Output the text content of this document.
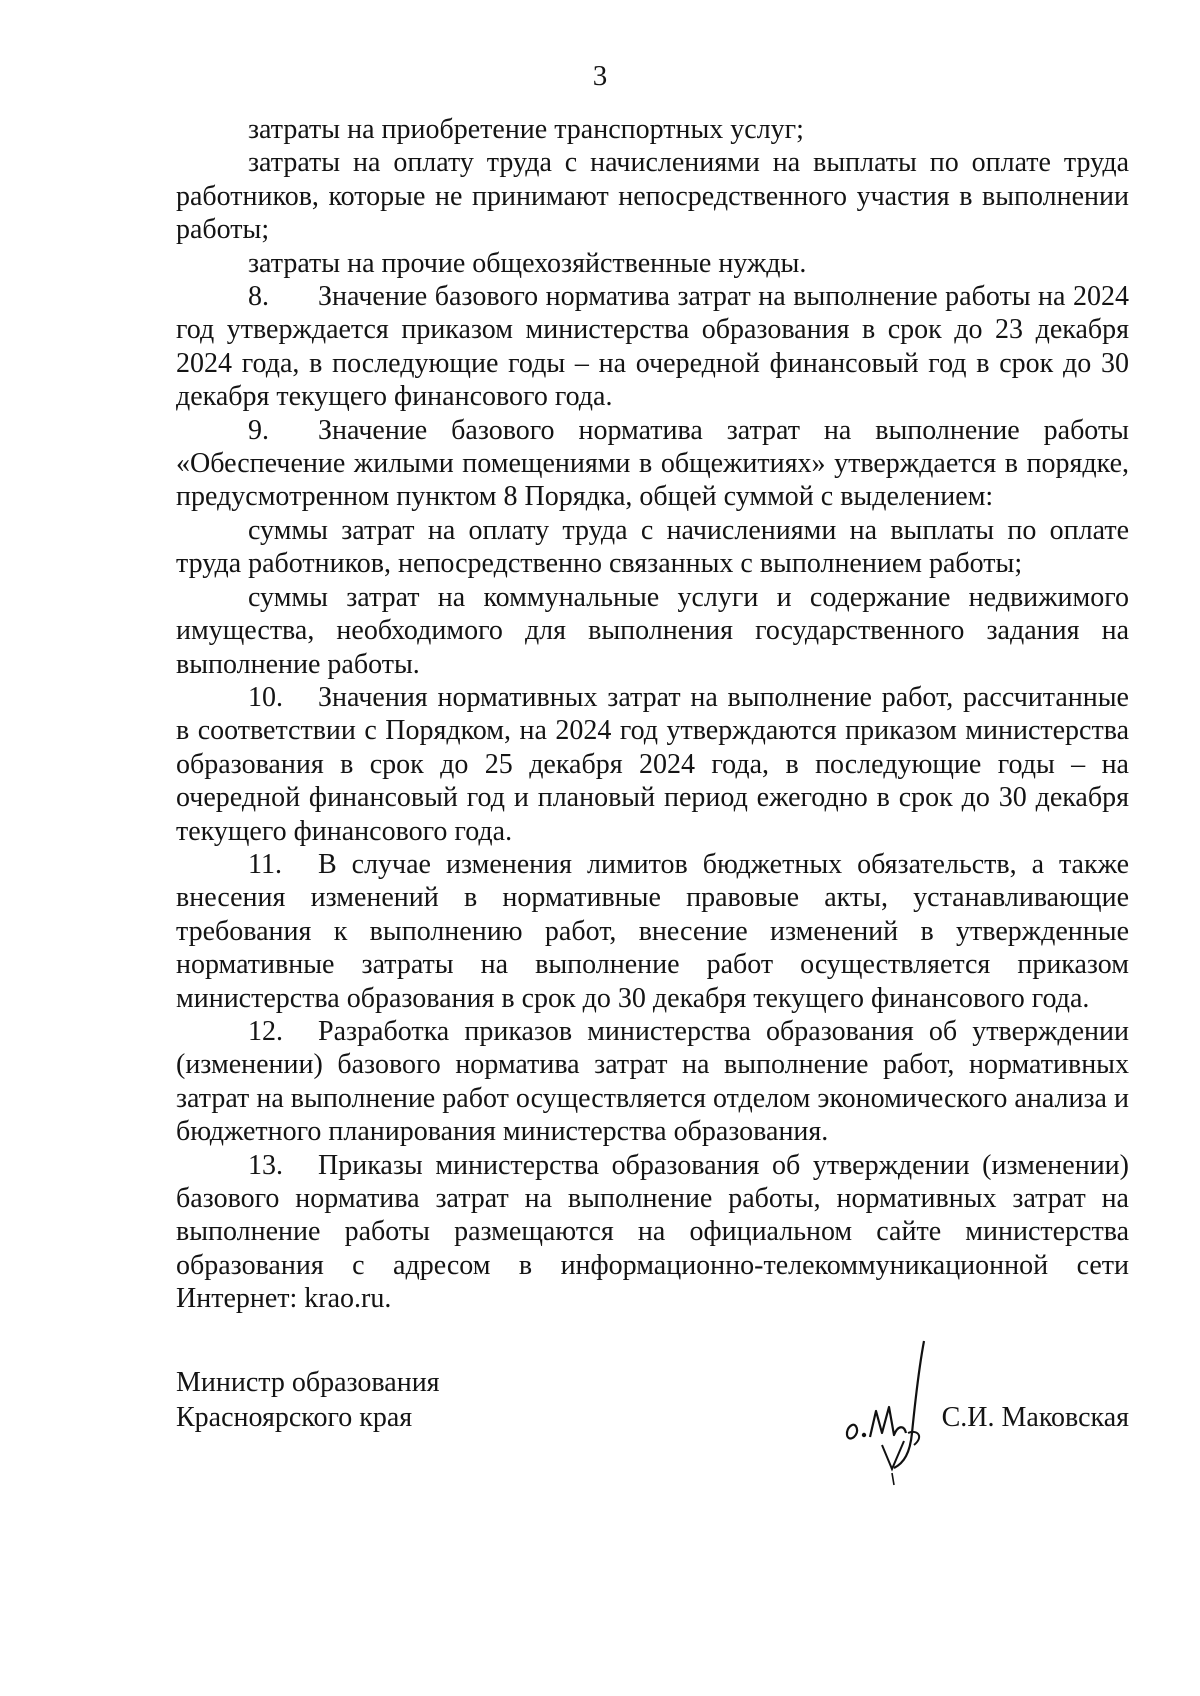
3

затраты на приобретение транспортных услуг;

затраты на оплату труда с начислениями на выплаты по оплате труда работников, которые не принимают непосредственного участия в выполнении работы;

затраты на прочие общехозяйственные нужды.

8. Значение базового норматива затрат на выполнение работы на 2024 год утверждается приказом министерства образования в срок до 23 декабря 2024 года, в последующие годы – на очередной финансовый год в срок до 30 декабря текущего финансового года.

9. Значение базового норматива затрат на выполнение работы «Обеспечение жилыми помещениями в общежитиях» утверждается в порядке, предусмотренном пунктом 8 Порядка, общей суммой с выделением:

суммы затрат на оплату труда с начислениями на выплаты по оплате труда работников, непосредственно связанных с выполнением работы;

суммы затрат на коммунальные услуги и содержание недвижимого имущества, необходимого для выполнения государственного задания на выполнение работы.

10. Значения нормативных затрат на выполнение работ, рассчитанные в соответствии с Порядком, на 2024 год утверждаются приказом министерства образования в срок до 25 декабря 2024 года, в последующие годы – на очередной финансовый год и плановый период ежегодно в срок до 30 декабря текущего финансового года.

11. В случае изменения лимитов бюджетных обязательств, а также внесения изменений в нормативные правовые акты, устанавливающие требования к выполнению работ, внесение изменений в утвержденные нормативные затраты на выполнение работ осуществляется приказом министерства образования в срок до 30 декабря текущего финансового года.

12. Разработка приказов министерства образования об утверждении (изменении) базового норматива затрат на выполнение работ, нормативных затрат на выполнение работ осуществляется отделом экономического анализа и бюджетного планирования министерства образования.

13. Приказы министерства образования об утверждении (изменении) базового норматива затрат на выполнение работы, нормативных затрат на выполнение работы размещаются на официальном сайте министерства образования с адресом в информационно-телекоммуникационной сети Интернет: krao.ru.

Министр образования
Красноярского края	С.И. Маковская
